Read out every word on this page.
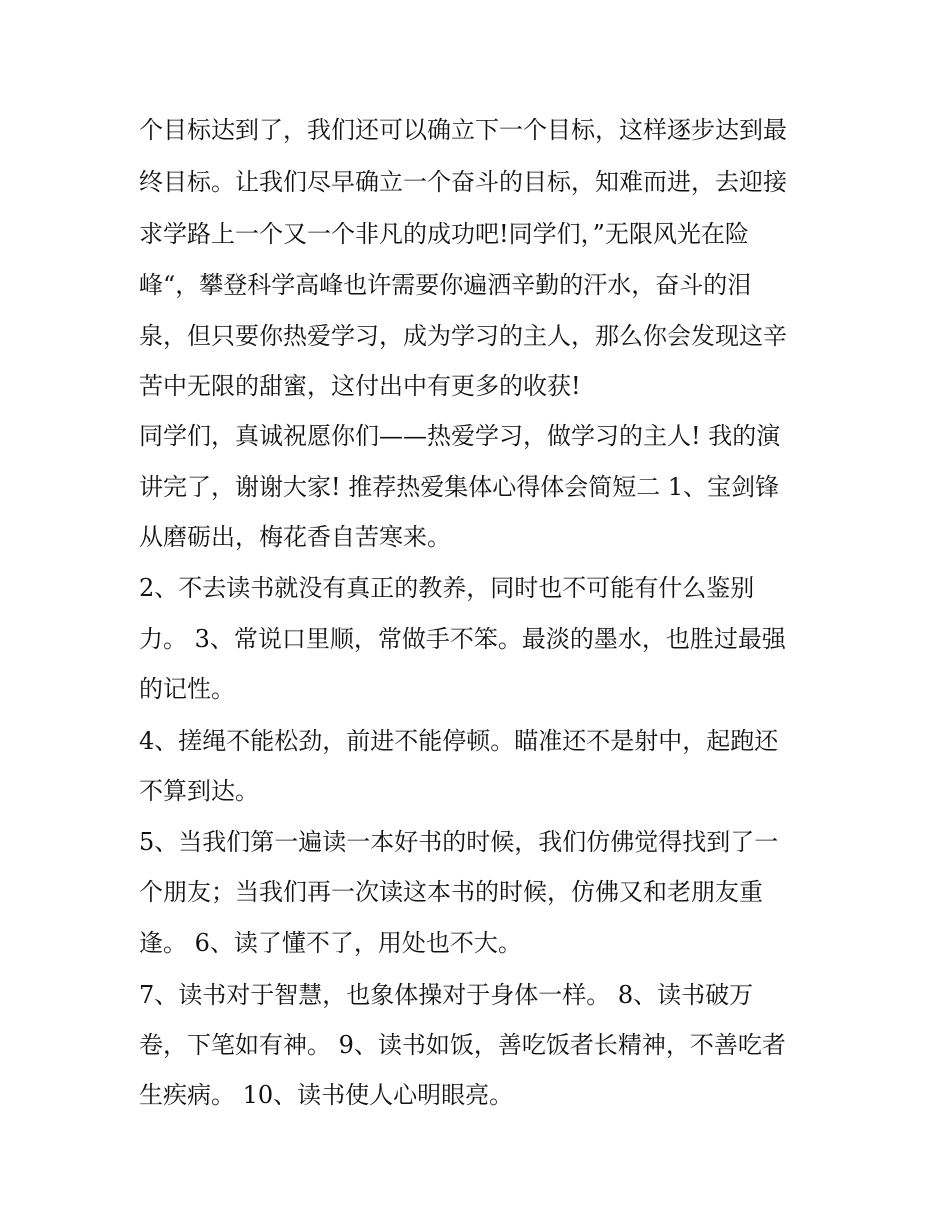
个目标达到了，我们还可以确立下一个目标，这样逐步达到最
终目标。让我们尽早确立一个奋斗的目标，知难而进，去迎接
求学路上一个又一个非凡的成功吧!同学们，”无限风光在险
峰“，攀登科学高峰也许需要你遍洒辛勤的汗水，奋斗的泪
泉，但只要你热爱学习，成为学习的主人，那么你会发现这辛
苦中无限的甜蜜，这付出中有更多的收获!
同学们，真诚祝愿你们——热爱学习，做学习的主人! 我的演
讲完了，谢谢大家! 推荐热爱集体心得体会简短二 1、宝剑锋
从磨砺出，梅花香自苦寒来。
2、不去读书就没有真正的教养，同时也不可能有什么鉴别
力。 3、常说口里顺，常做手不笨。最淡的墨水，也胜过最强
的记性。
4、搓绳不能松劲，前进不能停顿。瞄准还不是射中，起跑还
不算到达。
5、当我们第一遍读一本好书的时候，我们仿佛觉得找到了一
个朋友；当我们再一次读这本书的时候，仿佛又和老朋友重
逢。 6、读了懂不了，用处也不大。
7、读书对于智慧，也象体操对于身体一样。 8、读书破万
卷，下笔如有神。 9、读书如饭，善吃饭者长精神，不善吃者
生疾病。 10、读书使人心明眼亮。
